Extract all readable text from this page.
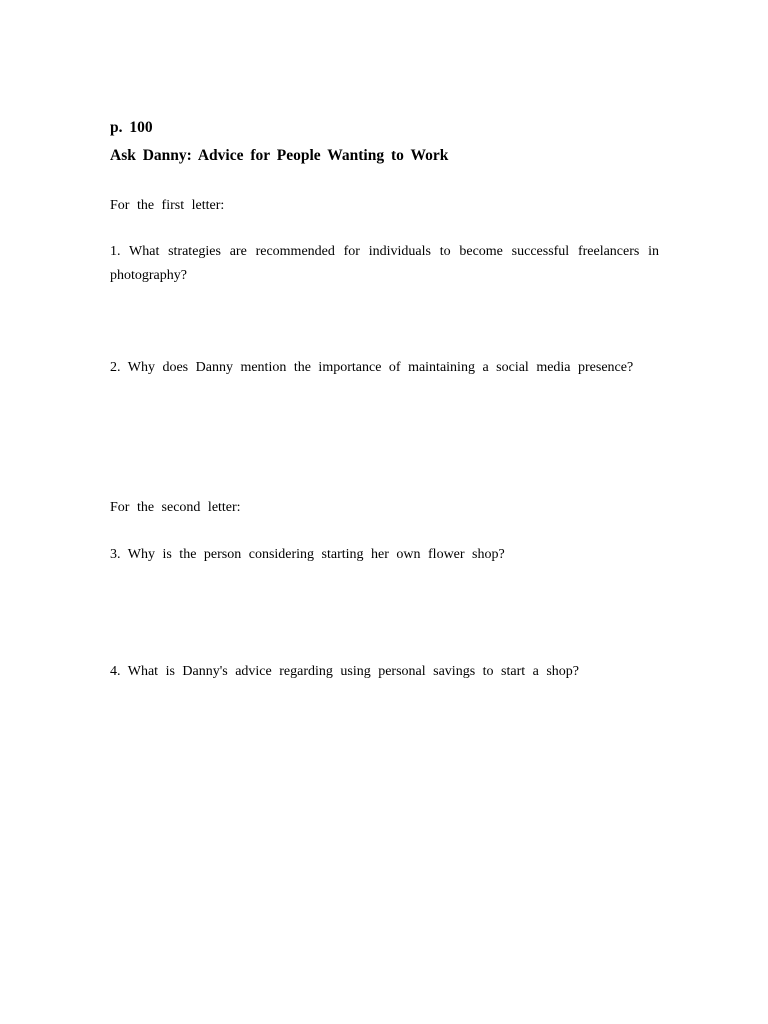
p. 100
Ask Danny: Advice for People Wanting to Work
For the first letter:
1. What strategies are recommended for individuals to become successful freelancers in photography?
2. Why does Danny mention the importance of maintaining a social media presence?
For the second letter:
3. Why is the person considering starting her own flower shop?
4. What is Danny's advice regarding using personal savings to start a shop?
